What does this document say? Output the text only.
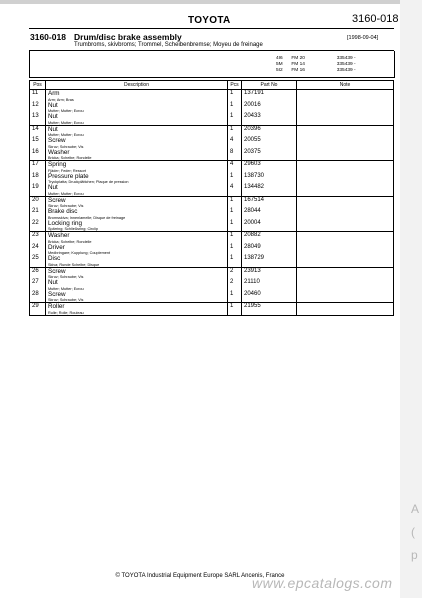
TOYOTA	3160-018
3160-018 Drum/disc brake assembly
Trumbroms, skivbroms; Trommel, Scheibenbremse; Moyeu de freinage
[1998-09-04]
4I6 FM 20	335439 -
5M FM 14	335439 -
5I2 FM 16	335439 -
Pos	Description	Pcs	Part No	Note
11	Arm
Arm; Arm; Bras	1	137191	
12	Nut
Mutter; Mutter; Ecrou	1	20016	
13	Nut
Mutter; Mutter; Ecrou	1	20433	
14	Nut
Mutter; Mutter; Ecrou	1	20396	
15	Screw
Skruv; Schraube; Vis	4	20055	
16	Washer
Bricka; Scheibe; Rondelle	8	20375	
17	Spring
Fjäder; Feder; Ressort	4	29603	
18	Pressure plate
Tryckplatta; Druckplättchen; Plaque de pression	1	138730	
19	Nut
Mutter; Mutter; Ecrou	4	134482	
20	Screw
Skruv; Schraube; Vis	1	167514	
21	Brake disc
Bromsskiva; Innenlamelle; Disque de freinage	1	28044	
22	Locking ring
Spärring; Schließsring; Circlip	1	20004	
23	Washer
Bricka; Scheibe; Rondelle	1	20882	
24	Driver
Medbringare; Kupplung; Couplement	1	28049	
25	Disc
Skiva; Runde Scheibe; Disque	1	138729	
26	Screw
Skruv; Schraube; Vis	2	23913	
27	Nut
Mutter; Mutter; Ecrou	2	21110	
28	Screw
Skruv; Schraube; Vis	1	20460	
29	Roller
Rulle; Rolle; Rouleau	1	21955	
© TOYOTA Industrial Equipment Europe SARL Ancenis, France
www.epcatalogs.com
A ( p
